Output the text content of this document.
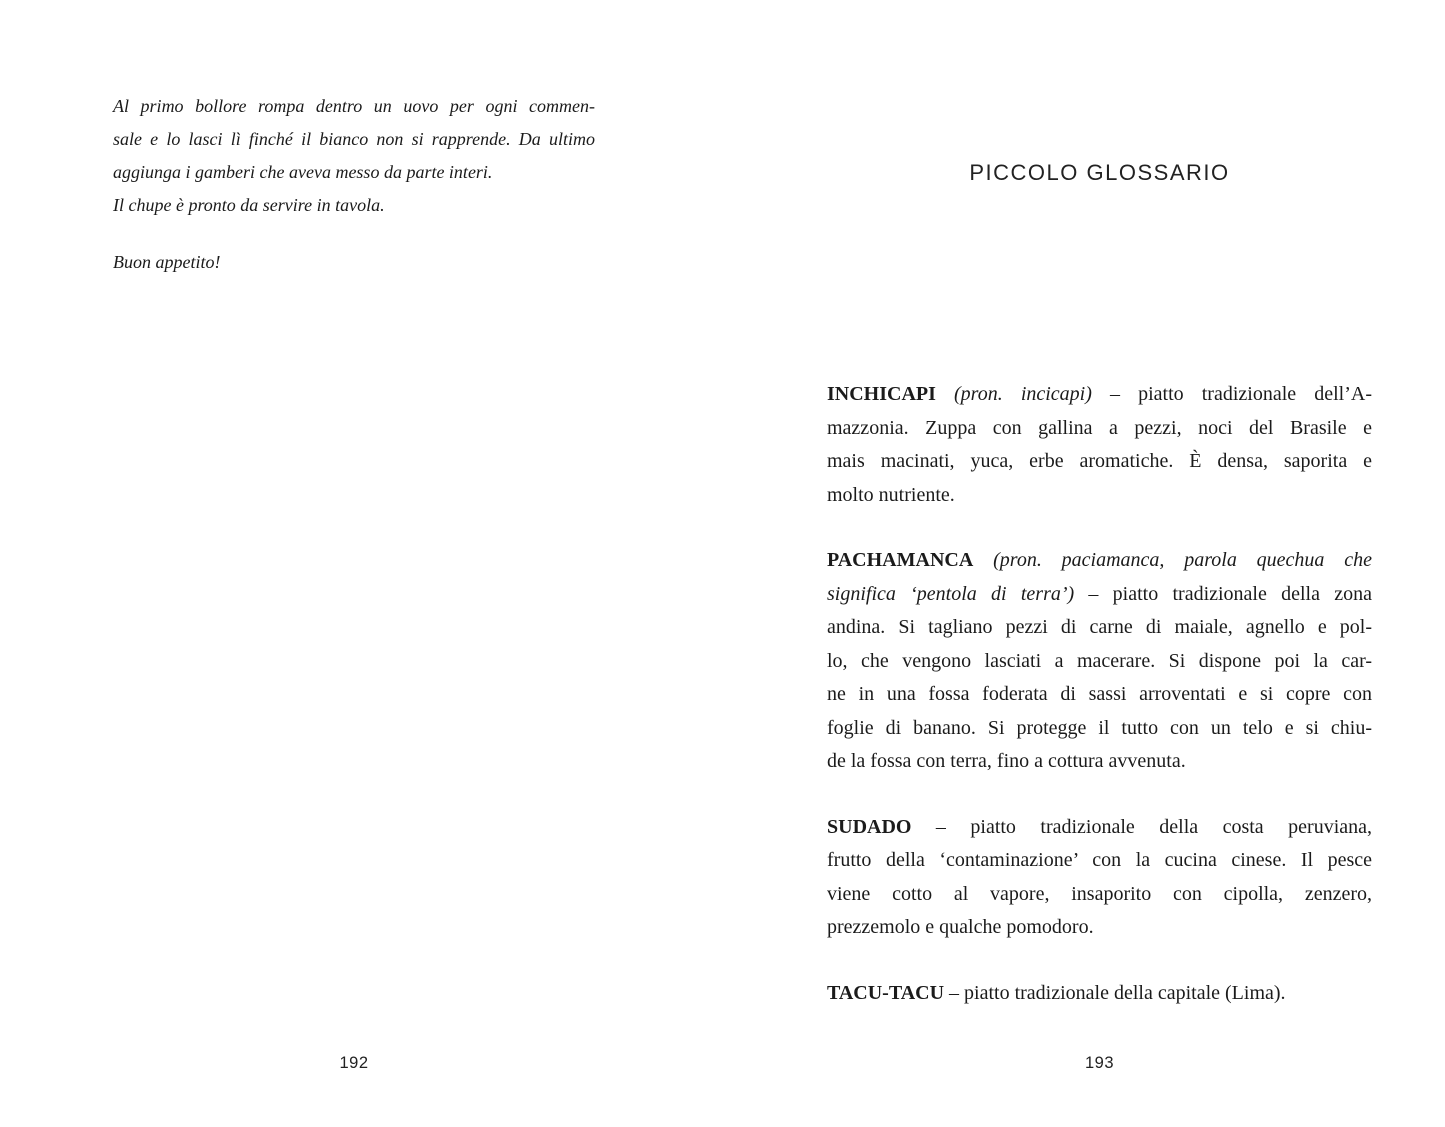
Al primo bollore rompa dentro un uovo per ogni commen-
sale e lo lasci lì finché il bianco non si rapprende. Da ultimo
aggiunga i gamberi che aveva messo da parte interi.
Il chupe è pronto da servire in tavola.
Buon appetito!
192
PICCOLO GLOSSARIO
INCHICAPI (pron. incicapi) – piatto tradizionale dell’A-
mazzonia. Zuppa con gallina a pezzi, noci del Brasile e
mais macinati, yuca, erbe aromatiche. È densa, saporita e
molto nutriente.
PACHAMANCA (pron. paciamanca, parola quechua che
significa ‘pentola di terra’) – piatto tradizionale della zona
andina. Si tagliano pezzi di carne di maiale, agnello e pol-
lo, che vengono lasciati a macerare. Si dispone poi la car-
ne in una fossa foderata di sassi arroventati e si copre con
foglie di banano. Si protegge il tutto con un telo e si chiu-
de la fossa con terra, fino a cottura avvenuta.
SUDADO – piatto tradizionale della costa peruviana,
frutto della ‘contaminazione’ con la cucina cinese. Il pesce
viene cotto al vapore, insaporito con cipolla, zenzero,
prezzemolo e qualche pomodoro.
TACU-TACU – piatto tradizionale della capitale (Lima).
193
